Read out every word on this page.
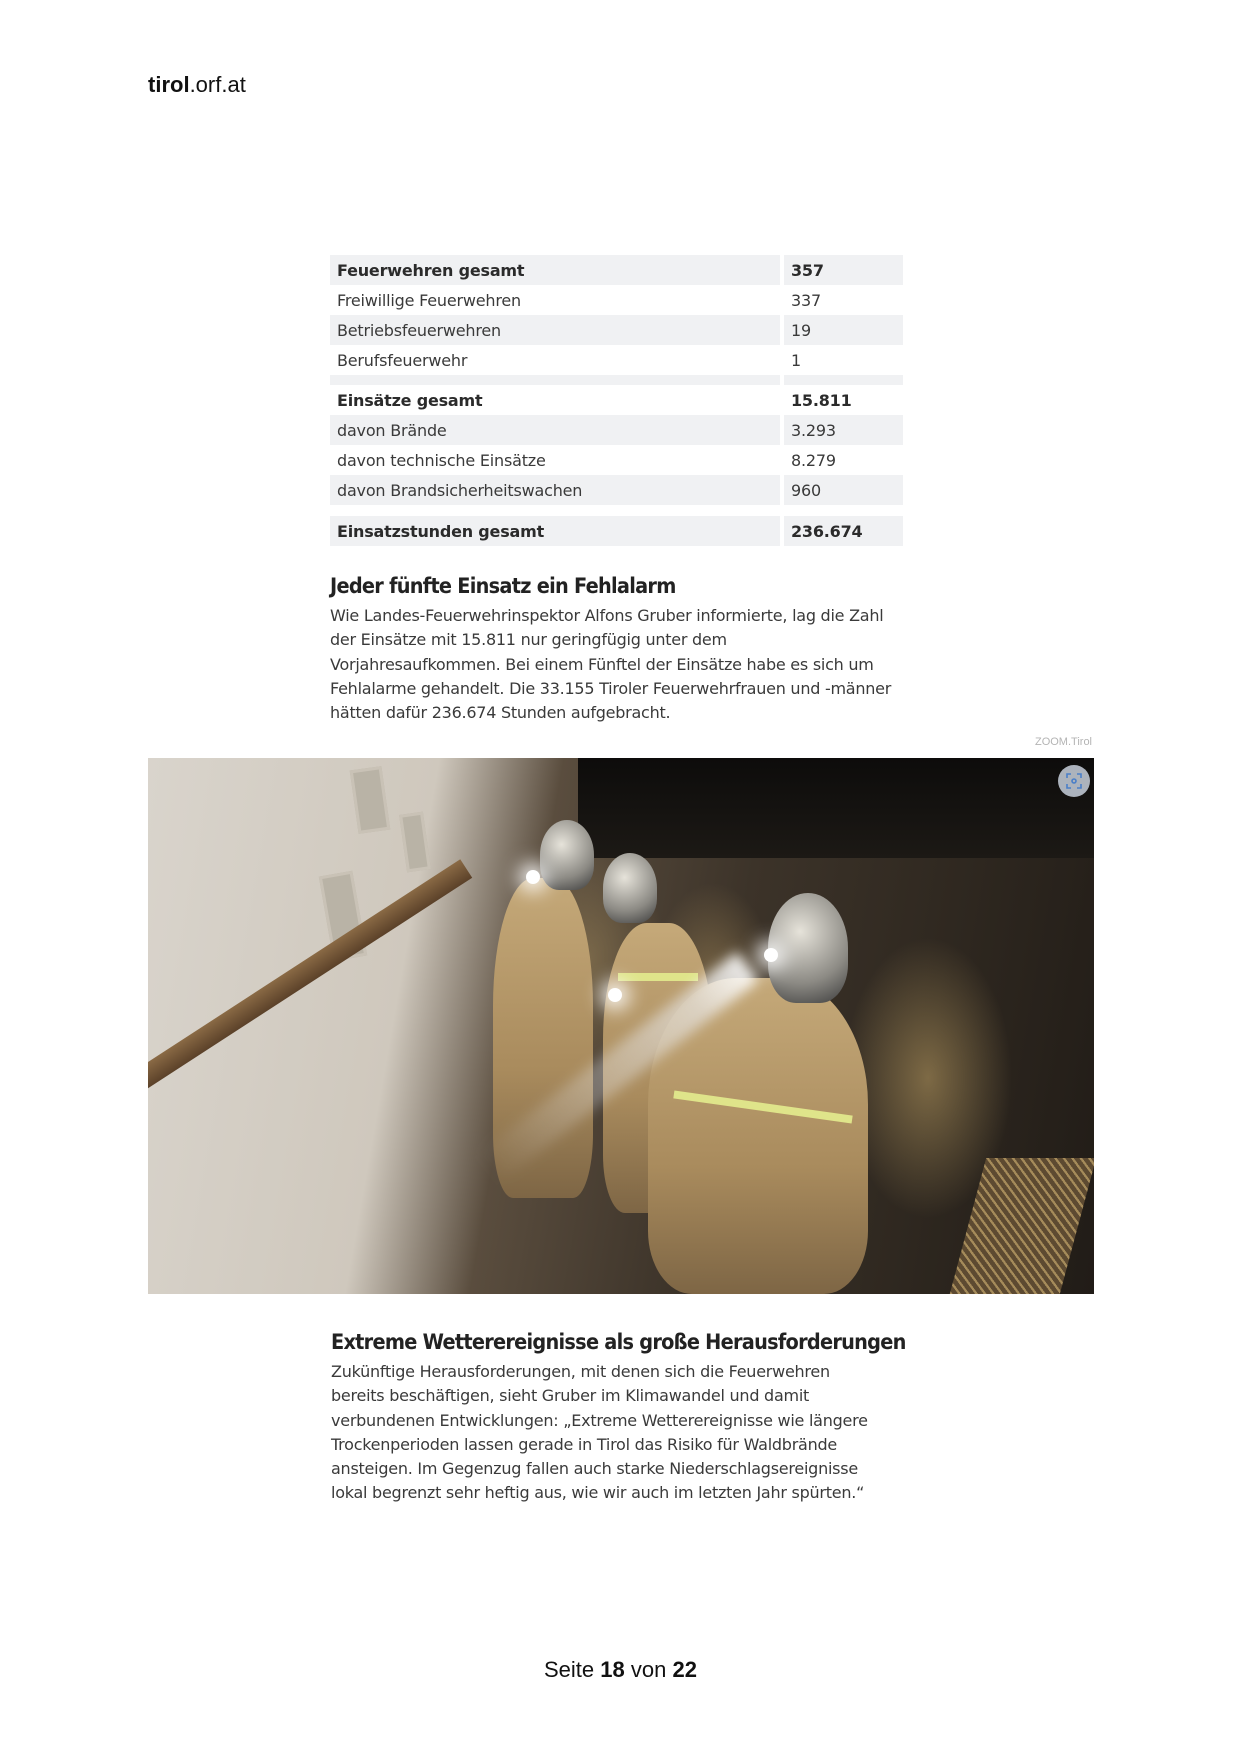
tirol.orf.at
Feuerwehren gesamt	357
Freiwillige Feuerwehren	337
Betriebsfeuerwehren	19
Berufsfeuerwehr	1
Einsätze gesamt	15.811
davon Brände	3.293
davon technische Einsätze	8.279
davon Brandsicherheitswachen	960
Einsatzstunden gesamt	236.674
Jeder fünfte Einsatz ein Fehlalarm

Wie Landes-Feuerwehrinspektor Alfons Gruber informierte, lag die Zahl
der Einsätze mit 15.811 nur geringfügig unter dem
Vorjahresaufkommen. Bei einem Fünftel der Einsätze habe es sich um
Fehlalarme gehandelt. Die 33.155 Tiroler Feuerwehrfrauen und -männer
hätten dafür 236.674 Stunden aufgebracht.

ZOOM.Tirol
Extreme Wetterereignisse als große Herausforderungen

Zukünftige Herausforderungen, mit denen sich die Feuerwehren
bereits beschäftigen, sieht Gruber im Klimawandel und damit
verbundenen Entwicklungen: „Extreme Wetterereignisse wie längere
Trockenperioden lassen gerade in Tirol das Risiko für Waldbrände
ansteigen. Im Gegenzug fallen auch starke Niederschlagsereignisse
lokal begrenzt sehr heftig aus, wie wir auch im letzten Jahr spürten.“

Seite 18 von 22
